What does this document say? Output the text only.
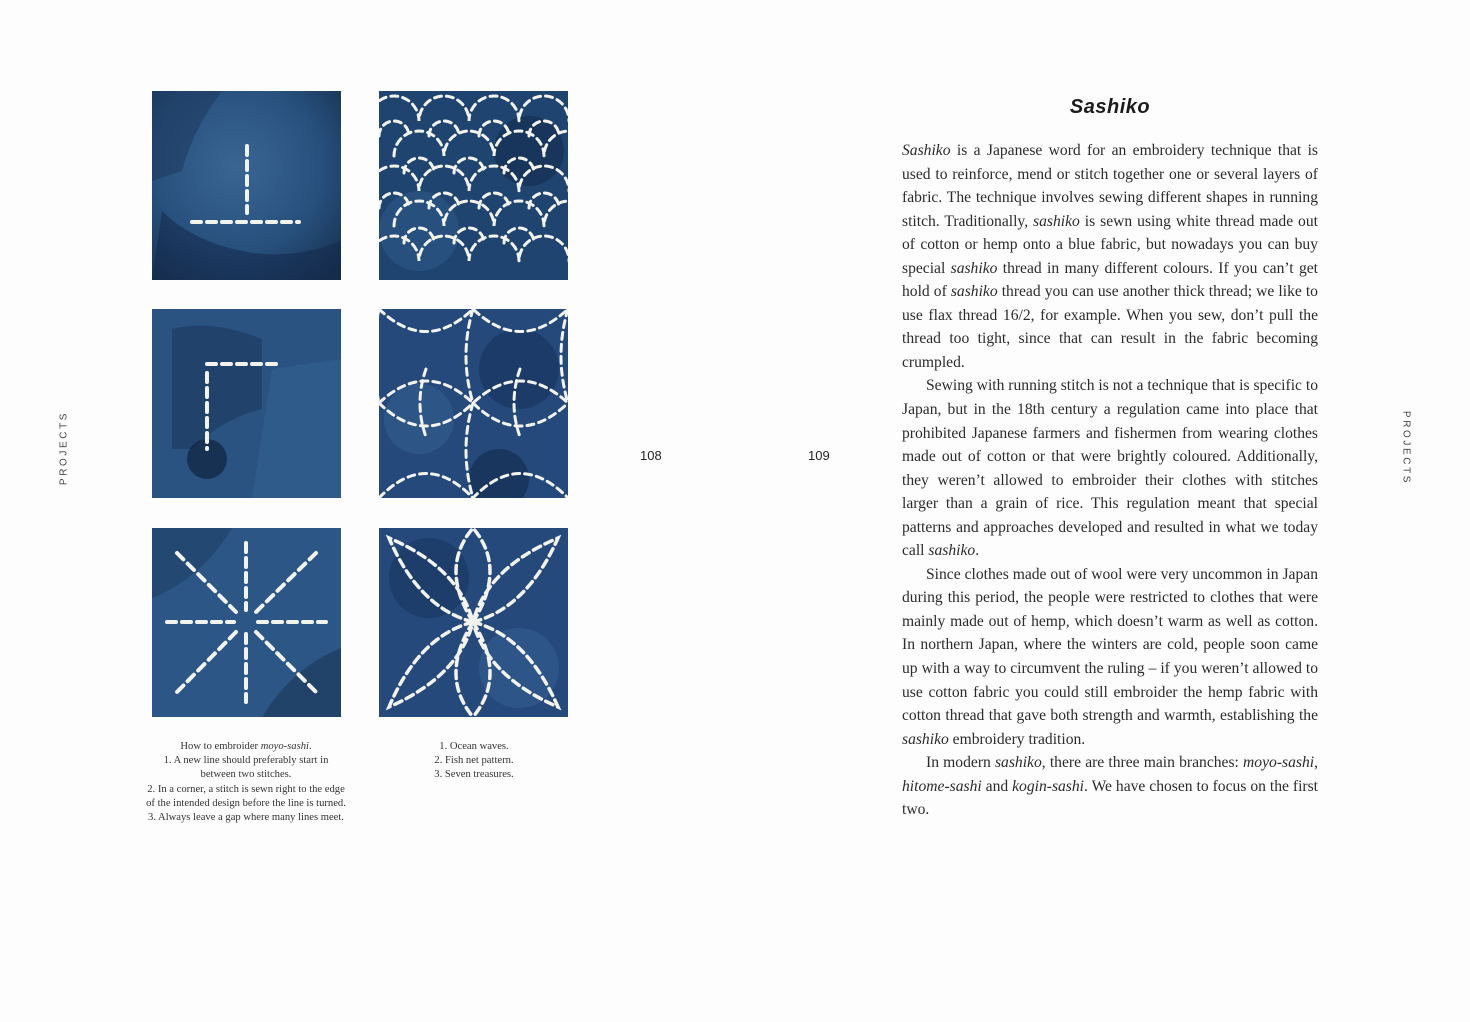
PROJECTS	PROJECTS
108	109

How to embroider moyo-sashi.

1. A new line should preferably start in between two stitches.

2. In a corner, a stitch is sewn right to the edge of the intended design before the line is turned.

3. Always leave a gap where many lines meet.

1. Ocean waves.

2. Fish net pattern.

3. Seven treasures.

Sashiko

Sashiko is a Japanese word for an embroidery technique that is used to reinforce, mend or stitch together one or several layers of fabric. The technique involves sewing different shapes in running stitch. Traditionally, sashiko is sewn using white thread made out of cotton or hemp onto a blue fabric, but nowadays you can buy special sashiko thread in many different colours. If you can’t get hold of sashiko thread you can use another thick thread; we like to use flax thread 16/2, for example. When you sew, don’t pull the thread too tight, since that can result in the fabric becoming crumpled.

Sewing with running stitch is not a technique that is specific to Japan, but in the 18th century a regulation came into place that prohibited Japanese farmers and fishermen from wearing clothes made out of cotton or that were brightly coloured. Additionally, they weren’t allowed to embroider their clothes with stitches larger than a grain of rice. This regulation meant that special patterns and approaches developed and resulted in what we today call sashiko.

Since clothes made out of wool were very uncommon in Japan during this period, the people were restricted to clothes that were mainly made out of hemp, which doesn’t warm as well as cotton. In northern Japan, where the winters are cold, people soon came up with a way to circumvent the ruling – if you weren’t allowed to use cotton fabric you could still embroider the hemp fabric with cotton thread that gave both strength and warmth, establishing the sashiko embroidery tradition.

In modern sashiko, there are three main branches: moyo-sashi, hitome-sashi and kogin-sashi. We have chosen to focus on the first two.
